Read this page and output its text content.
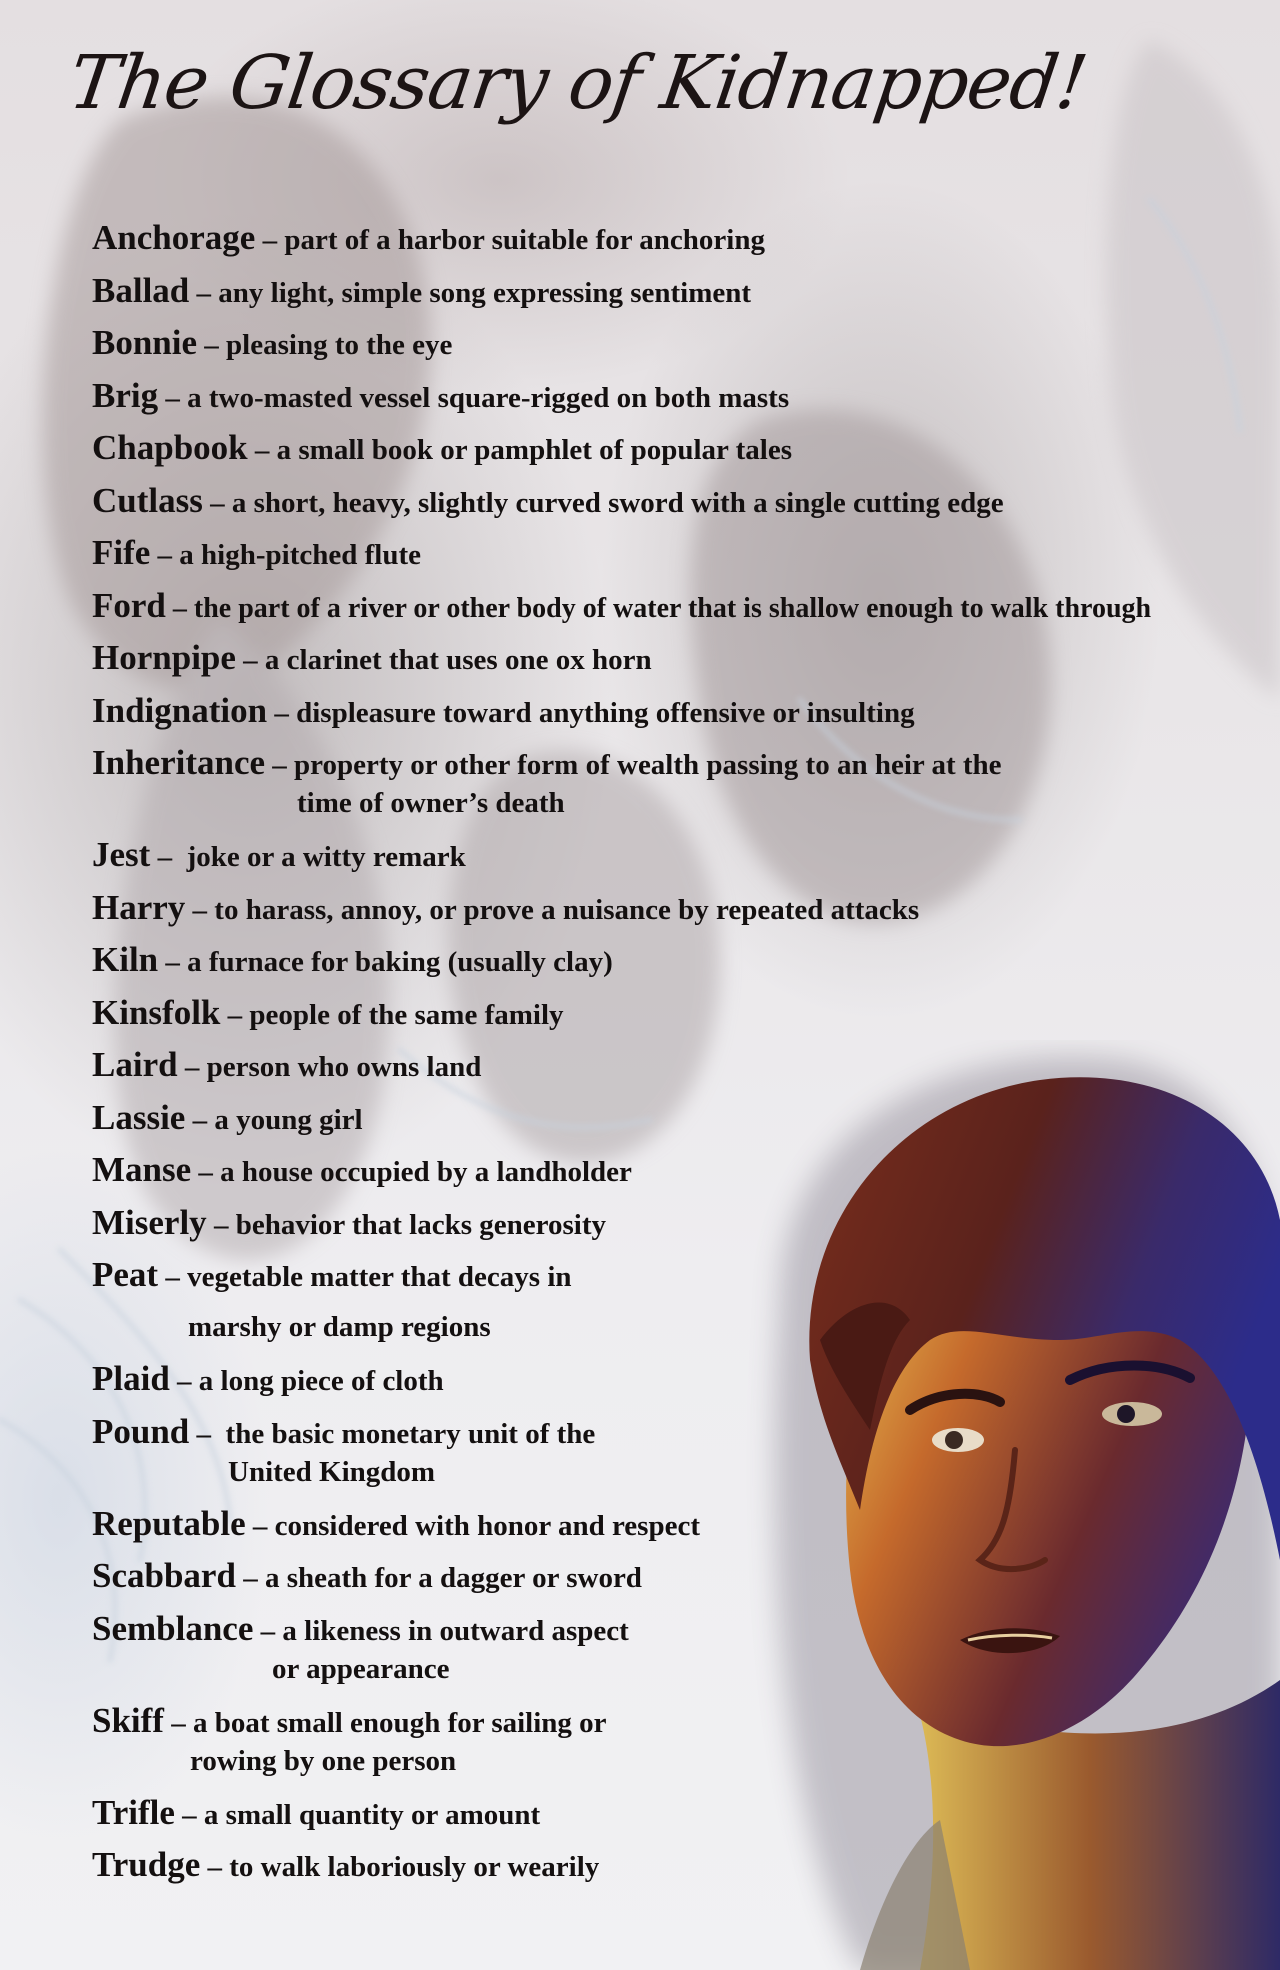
The Glossary of Kidnapped!
Anchorage – part of a harbor suitable for anchoring
Ballad – any light, simple song expressing sentiment
Bonnie – pleasing to the eye
Brig – a two-masted vessel square-rigged on both masts
Chapbook – a small book or pamphlet of popular tales
Cutlass – a short, heavy, slightly curved sword with a single cutting edge
Fife – a high-pitched flute
Ford – the part of a river or other body of water that is shallow enough to walk through
Hornpipe – a clarinet that uses one ox horn
Indignation – displeasure toward anything offensive or insulting
Inheritance – property or other form of wealth passing to an heir at the
time of owner’s death
Jest – joke or a witty remark
Harry – to harass, annoy, or prove a nuisance by repeated attacks
Kiln – a furnace for baking (usually clay)
Kinsfolk – people of the same family
Laird – person who owns land
Lassie – a young girl
Manse – a house occupied by a landholder
Miserly – behavior that lacks generosity
Peat – vegetable matter that decays in
marshy or damp regions
Plaid – a long piece of cloth
Pound – the basic monetary unit of the
United Kingdom
Reputable – considered with honor and respect
Scabbard – a sheath for a dagger or sword
Semblance – a likeness in outward aspect
or appearance
Skiff – a boat small enough for sailing or
rowing by one person
Trifle – a small quantity or amount
Trudge – to walk laboriously or wearily
